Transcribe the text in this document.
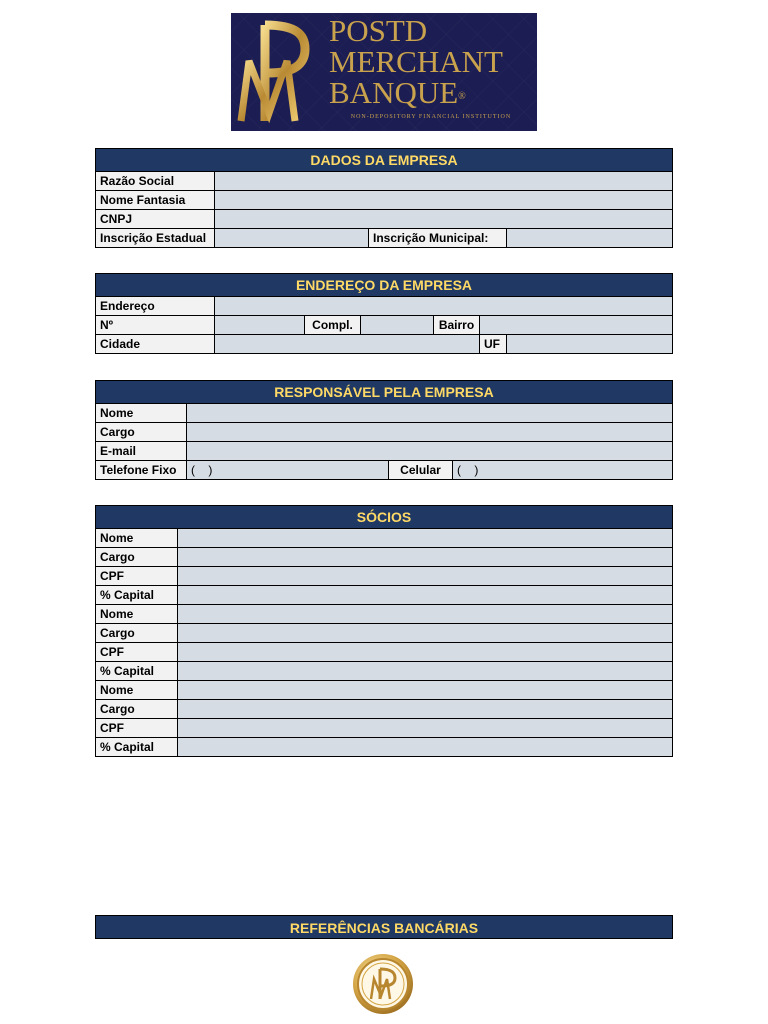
POSTD
MERCHANT
BANQUE®
NON-DEPOSITORY FINANCIAL INSTITUTION
DADOS DA EMPRESA
Razão Social
Nome Fantasia
CNPJ
Inscrição Estadual	Inscrição Municipal:
ENDEREÇO DA EMPRESA
Endereço
Nº	Compl.	Bairro
Cidade	UF
RESPONSÁVEL PELA EMPRESA
Nome
Cargo
E-mail
Telefone Fixo	(    )	Celular	(    )
SÓCIOS
Nome
Cargo
CPF
% Capital
Nome
Cargo
CPF
% Capital
Nome
Cargo
CPF
% Capital
REFERÊNCIAS BANCÁRIAS
